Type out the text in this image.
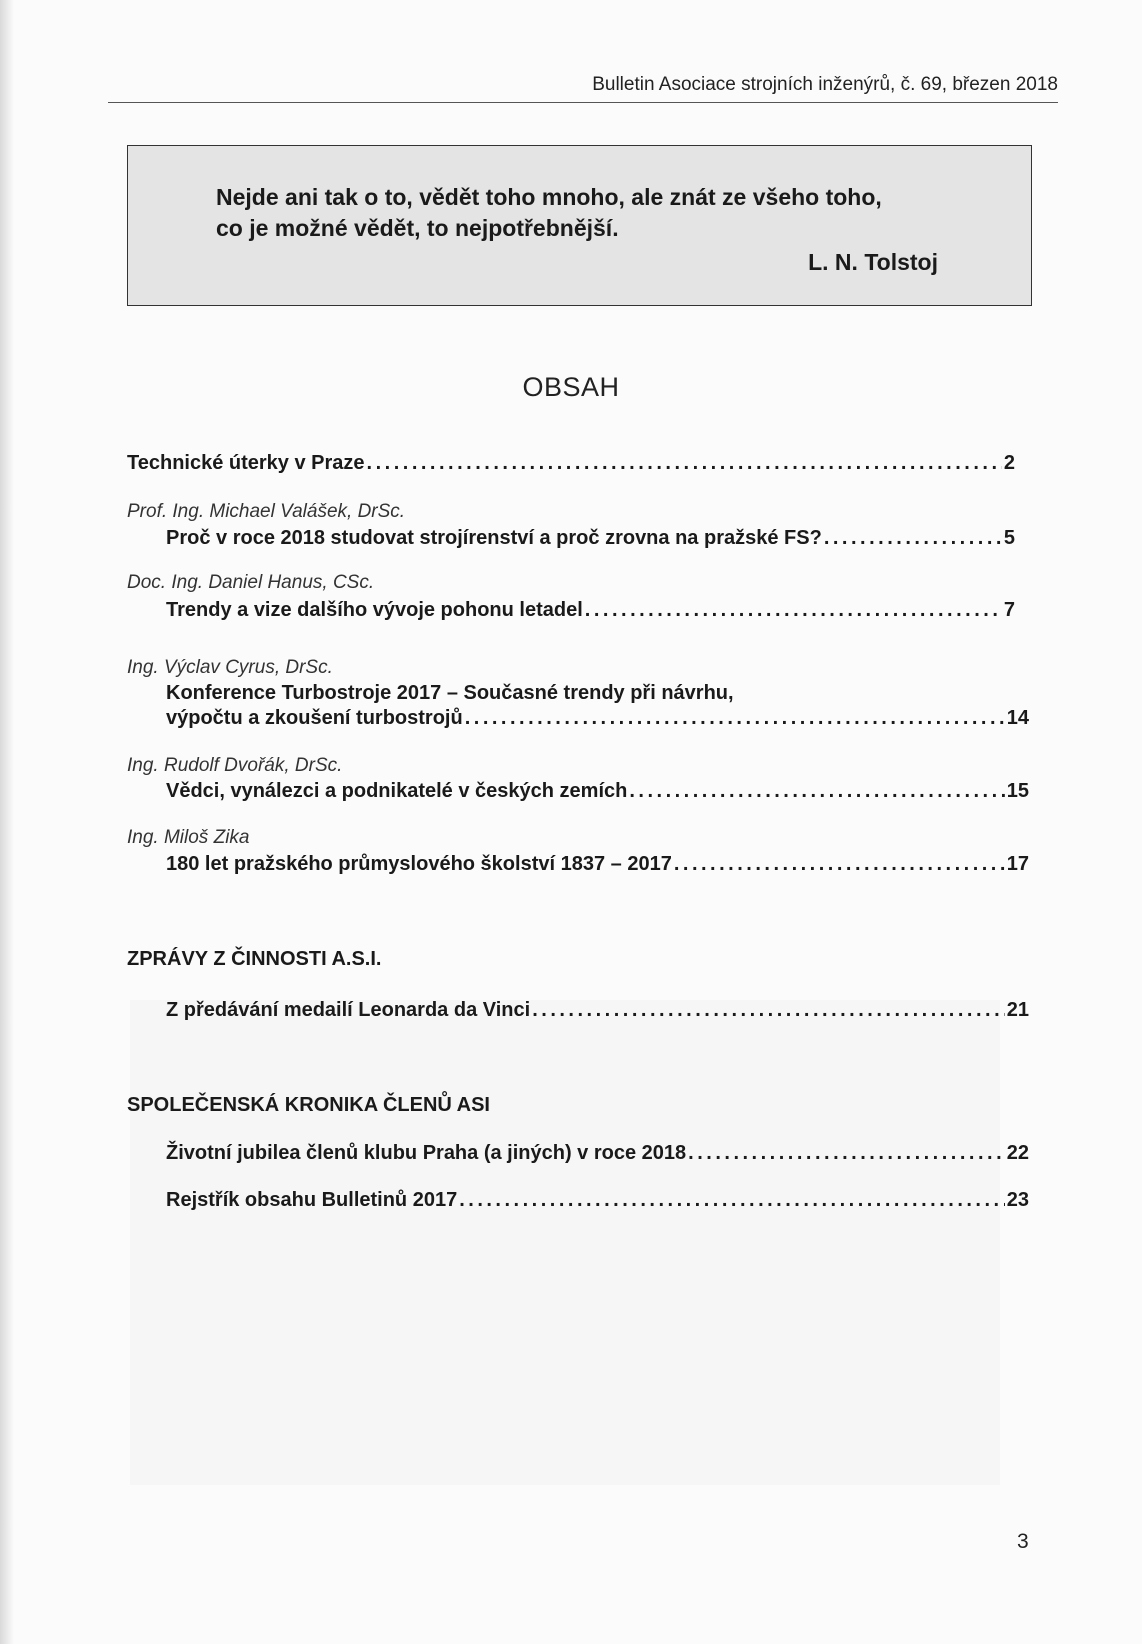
Bulletin Asociace strojních inženýrů, č. 69, březen 2018
Nejde ani tak o to, vědět toho mnoho, ale znát ze všeho toho,
co je možné vědět, to nejpotřebnější.
L. N. Tolstoj
OBSAH
Technické úterky v Praze .....	2
Prof. Ing. Michael Valášek, DrSc.
Proč v roce 2018 studovat strojírenství a proč zrovna na pražské FS? .....	5
Doc. Ing. Daniel Hanus, CSc.
Trendy a vize dalšího vývoje pohonu letadel .....	7
Ing. Výclav Cyrus, DrSc.
Konference Turbostroje 2017 – Současné trendy při návrhu,
výpočtu a zkoušení turbostrojů .....	14
Ing. Rudolf Dvořák, DrSc.
Vědci, vynálezci a podnikatelé v českých zemích .....	15
Ing. Miloš Zika
180 let pražského průmyslového školství 1837 – 2017 .....	17
ZPRÁVY Z ČINNOSTI A.S.I.
Z předávání medailí Leonarda da Vinci .....	21
SPOLEČENSKÁ KRONIKA ČLENŮ ASI
Životní jubilea členů klubu Praha (a jiných) v roce 2018 .....	22
Rejstřík obsahu Bulletinů 2017 .....	23
3
